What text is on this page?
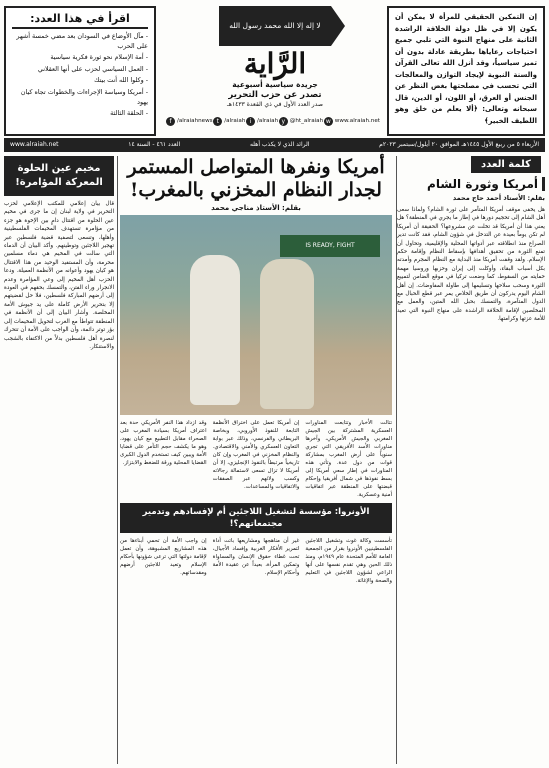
اقرأ في هذا العدد:
- مآل الأوضاع في السودان بعد مضي خمسة أشهر على الحرب
- أمة الإسلام نحو ثورة فكرية سياسية
- العمل السياسي لحزب على أنها العقلاني
- وكلوا الله أنت بيتك
- أمريكا وسياسة الإجراءات والخطوات تجاه كيان يهود
- الحلقة الثالثة
لا إله إلا الله محمد رسول الله
الرَّاية
جريدة سياسية أسبوعية
تصدر عن حزب التحرير
صدر العدد الأول في ذي القعدة ١٤٣٣هـ

إن التمكين الحقيقي للمرأة لا يمكن أن يكون إلا في ظل دولة الخلافة الراشدة الثانية على منهاج النبوة التي تلبي جميع احتياجات رعاياها بطريقة عادلة بدون أن تميز سياسياً، وقد أنزل الله تعالى القرآن والسنة النبوية لإيجاد التوازن والمعالجات التي تحسب في مصلحتها بغض النظر عن الجنس أو العرق، أو اللون، أو الدين، قال سبحانه وتعالى: ﴿ألا يعلم من خلق وهو اللطيف الخبير﴾

f /alraiahnews t /alraiah i	/alraiah y @ht_alraiah w www.alraiah.net
الأربعاء ٥ من ربيع الأول ١٤٤٥هـ الموافق ٢٠ أيلول/سبتمبر ٢٠٢٣م
الرائد الذي لا يكذب أهله
العدد ٤٦١ - السنة ١٤
www.alraiah.net
كلمة العدد
أمريكا وثورة الشام
بقلم: الأستاذ أحمد حاج محمد

هل يخفى موقف أمريكا المتآمر على ثورة الشام؟ ولماذا سعى أهل الشام إلى تحجيم دورها في إطار ما يجري في المنطقة؟ هل يعني هذا أن أمريكا قد تخلت عن مشروعها؟ الحقيقة أن أمريكا لم تكن يوماً بعيدة عن التدخل في شؤون الشام، فقد كانت تدير الصراع منذ انطلاقته عبر أدواتها المحلية والإقليمية، وتحاول أن تمنع الثورة من تحقيق أهدافها بإسقاط النظام وإقامة حكم الإسلام. ولقد وقفت أمريكا منذ البداية مع النظام المجرم وأمدته بكل أسباب البقاء، وأوكلت إلى إيران وحزبها وروسيا مهمة حمايته من السقوط، كما وضعت تركيا في موقع الضامن لتمييع الثورة وسحب سلاحها وتسليمها إلى طاولة المفاوضات. إن أهل الشام اليوم يدركون أن طريق الخلاص يمر عبر قطع الحبال مع الدول المتآمرة، والتمسك بحبل الله المتين، والعمل مع المخلصين لإقامة الخلافة الراشدة على منهاج النبوة التي تعيد للأمة عزتها وكرامتها.

أمريكا ونفرها المتواصل المستمر لجدار النظام المخزني بالمغرب!
بقلم: الأستاذ مناجي محمد
IS READY, FIGHT

تتالت الأخبار وتتابعت المناورات العسكرية المشتركة بين الجيش المغربي والجيش الأمريكي، وآخرها مناورات الأسد الأفريقي التي تجري سنوياً على أرض المغرب بمشاركة قوات من دول عدة. وتأتي هذه المناورات في إطار سعي أمريكا إلى بسط نفوذها في شمال أفريقيا وإحكام قبضتها على المنطقة عبر اتفاقيات أمنية وعسكرية.

إن أمريكا تعمل على اختراق الأنظمة التابعة للنفوذ الأوروبي، وبخاصة البريطاني والفرنسي، وذلك عبر بوابة التعاون العسكري والأمني والاقتصادي. والنظام المخزني في المغرب وإن كان تاريخياً مرتبطاً بالنفوذ الإنجليزي، إلا أن أمريكا لا تزال تسعى لاستمالة رجالاته وكسب ولائهم عبر الصفقات والاتفاقيات والمساعدات.

وقد ازداد هذا النفر الأمريكي حدة بعد اعتراف أمريكا بسيادة المغرب على الصحراء مقابل التطبيع مع كيان يهود، وهو ما يكشف حجم التآمر على قضايا الأمة ويبين كيف تستخدم الدول الكبرى القضايا المحلية ورقة للضغط والابتزاز.

الأونروا: مؤسسة لتشغيل اللاجئين أم لإفسادهم وتدمير مجتمعاتهم؟!

تأسست وكالة غوث وتشغيل اللاجئين الفلسطينيين الأونروا بقرار من الجمعية العامة للأمم المتحدة عام ١٩٤٩م، ومنذ ذلك الحين وهي تقدم نفسها على أنها الراعي لشؤون اللاجئين في التعليم والصحة والإغاثة.

غير أن مناهجها ومشاريعها باتت أداة لتمرير الأفكار الغربية وإفساد الأجيال، تحت غطاء حقوق الإنسان والمساواة وتمكين المرأة، بعيداً عن عقيدة الأمة وأحكام الإسلام.

إن واجب الأمة أن تحمي أبناءها من هذه المشاريع المشبوهة، وأن تعمل لإقامة دولتها التي ترعى شؤونها بأحكام الإسلام وتعيد للاجئين أرضهم ومقدساتهم.

مخيم عين الحلوة المعركة المؤامرة!

قال بيان إعلامي للمكتب الإعلامي لحزب التحرير في ولاية لبنان إن ما جرى في مخيم عين الحلوة من اقتتال دامٍ بين الإخوة هو جزء من مؤامرة تستهدف المخيمات الفلسطينية وأهلها، وتسعى لتصفية قضية فلسطين عبر تهجير اللاجئين وتوطينهم. وأكد البيان أن الدماء التي سالت في المخيم هي دماء مسلمين محرمة، وأن المستفيد الوحيد من هذا الاقتتال هو كيان يهود وأعوانه من الأنظمة العميلة. ودعا الحزب أهل المخيم إلى وعي المؤامرة وعدم الانجرار وراء الفتن، والتمسك بحقهم في العودة إلى أرضهم المباركة فلسطين، فلا حل لقضيتهم إلا بتحرير الأرض كاملة على يد جيوش الأمة المخلصة. وأشار البيان إلى أن الأنظمة في المنطقة تتواطأ مع الغرب لتحويل المخيمات إلى بؤر توتر دائمة، وأن الواجب على الأمة أن تتحرك لنصرة أهل فلسطين بدلاً من الاكتفاء بالشجب والاستنكار.
